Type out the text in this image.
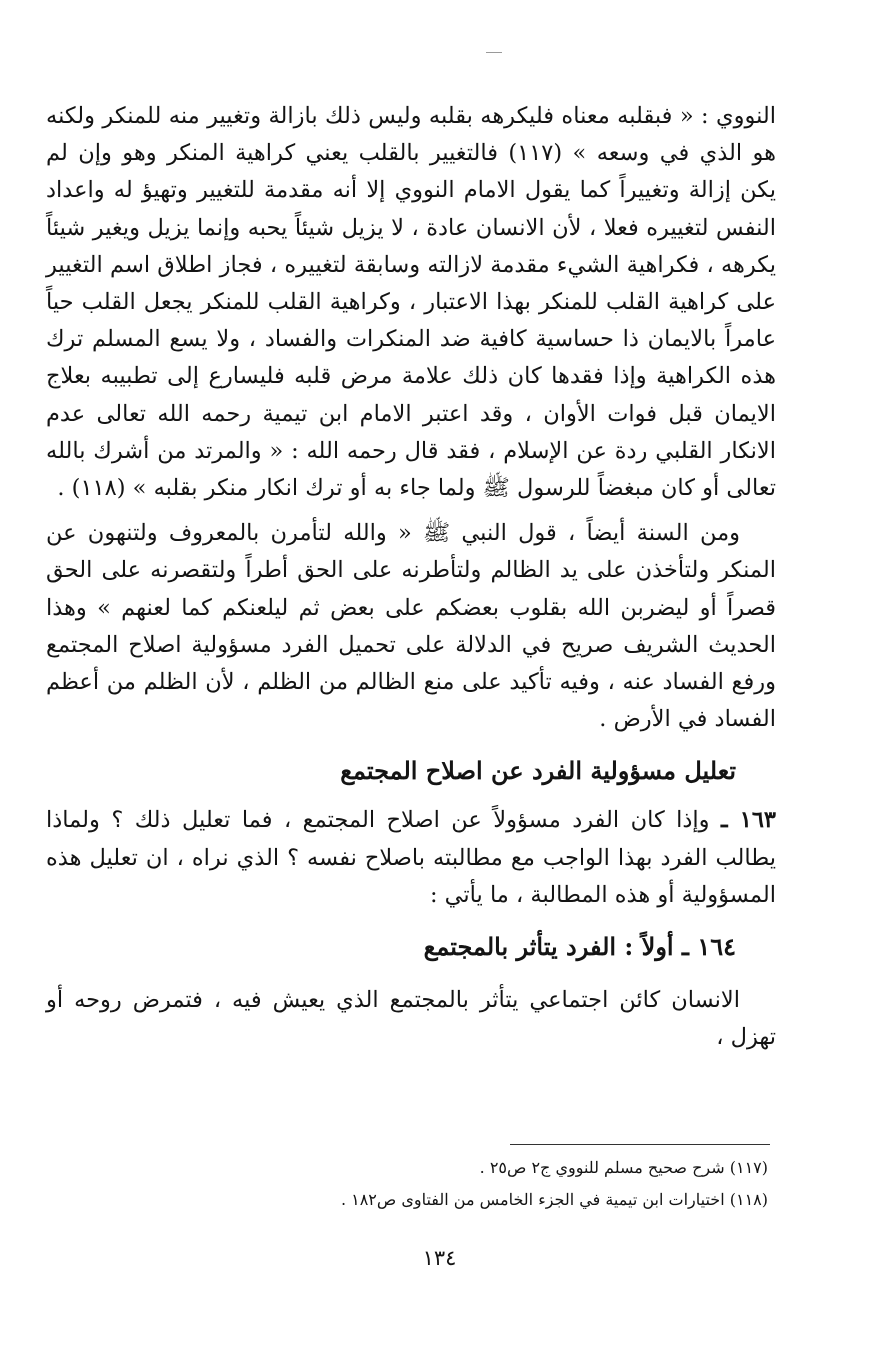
النووي : « فبقلبه معناه فليكرهه بقلبه وليس ذلك بازالة وتغيير منه للمنكر ولكنه هو الذي في وسعه » (١١٧) فالتغيير بالقلب يعني كراهية المنكر وهو وإن لم يكن إزالة وتغييراً كما يقول الامام النووي إلا أنه مقدمة للتغيير وتهيؤ له واعداد النفس لتغييره فعلا ، لأن الانسان عادة ، لا يزيل شيئاً يحبه وإنما يزيل ويغير شيئاً يكرهه ، فكراهية الشيء مقدمة لازالته وسابقة لتغييره ، فجاز اطلاق اسم التغيير على كراهية القلب للمنكر بهذا الاعتبار ، وكراهية القلب للمنكر يجعل القلب حياً عامراً بالايمان ذا حساسية كافية ضد المنكرات والفساد ، ولا يسع المسلم ترك هذه الكراهية وإذا فقدها كان ذلك علامة مرض قلبه فليسارع إلى تطبيبه بعلاج الايمان قبل فوات الأوان ، وقد اعتبر الامام ابن تيمية رحمه الله تعالى عدم الانكار القلبي ردة عن الإسلام ، فقد قال رحمه الله : « والمرتد من أشرك بالله تعالى أو كان مبغضاً للرسول ﷺ ولما جاء به أو ترك انكار منكر بقلبه » (١١٨) .

ومن السنة أيضاً ، قول النبي ﷺ « والله لتأمرن بالمعروف ولتنهون عن المنكر ولتأخذن على يد الظالم ولتأطرنه على الحق أطراً ولتقصرنه على الحق قصراً أو ليضربن الله بقلوب بعضكم على بعض ثم ليلعنكم كما لعنهم » وهذا الحديث الشريف صريح في الدلالة على تحميل الفرد مسؤولية اصلاح المجتمع ورفع الفساد عنه ، وفيه تأكيد على منع الظالم من الظلم ، لأن الظلم من أعظم الفساد في الأرض .

تعليل مسؤولية الفرد عن اصلاح المجتمع

١٦٣ ـ وإذا كان الفرد مسؤولاً عن اصلاح المجتمع ، فما تعليل ذلك ؟ ولماذا يطالب الفرد بهذا الواجب مع مطالبته باصلاح نفسه ؟ الذي نراه ، ان تعليل هذه المسؤولية أو هذه المطالبة ، ما يأتي :

١٦٤ ـ أولاً : الفرد يتأثر بالمجتمع

الانسان كائن اجتماعي يتأثر بالمجتمع الذي يعيش فيه ، فتمرض روحه أو تهزل ،

(١١٧) شرح صحيح مسلم للنووي ج٢ ص٢٥ .

(١١٨) اختيارات ابن تيمية في الجزء الخامس من الفتاوى ص١٨٢ .

١٣٤
